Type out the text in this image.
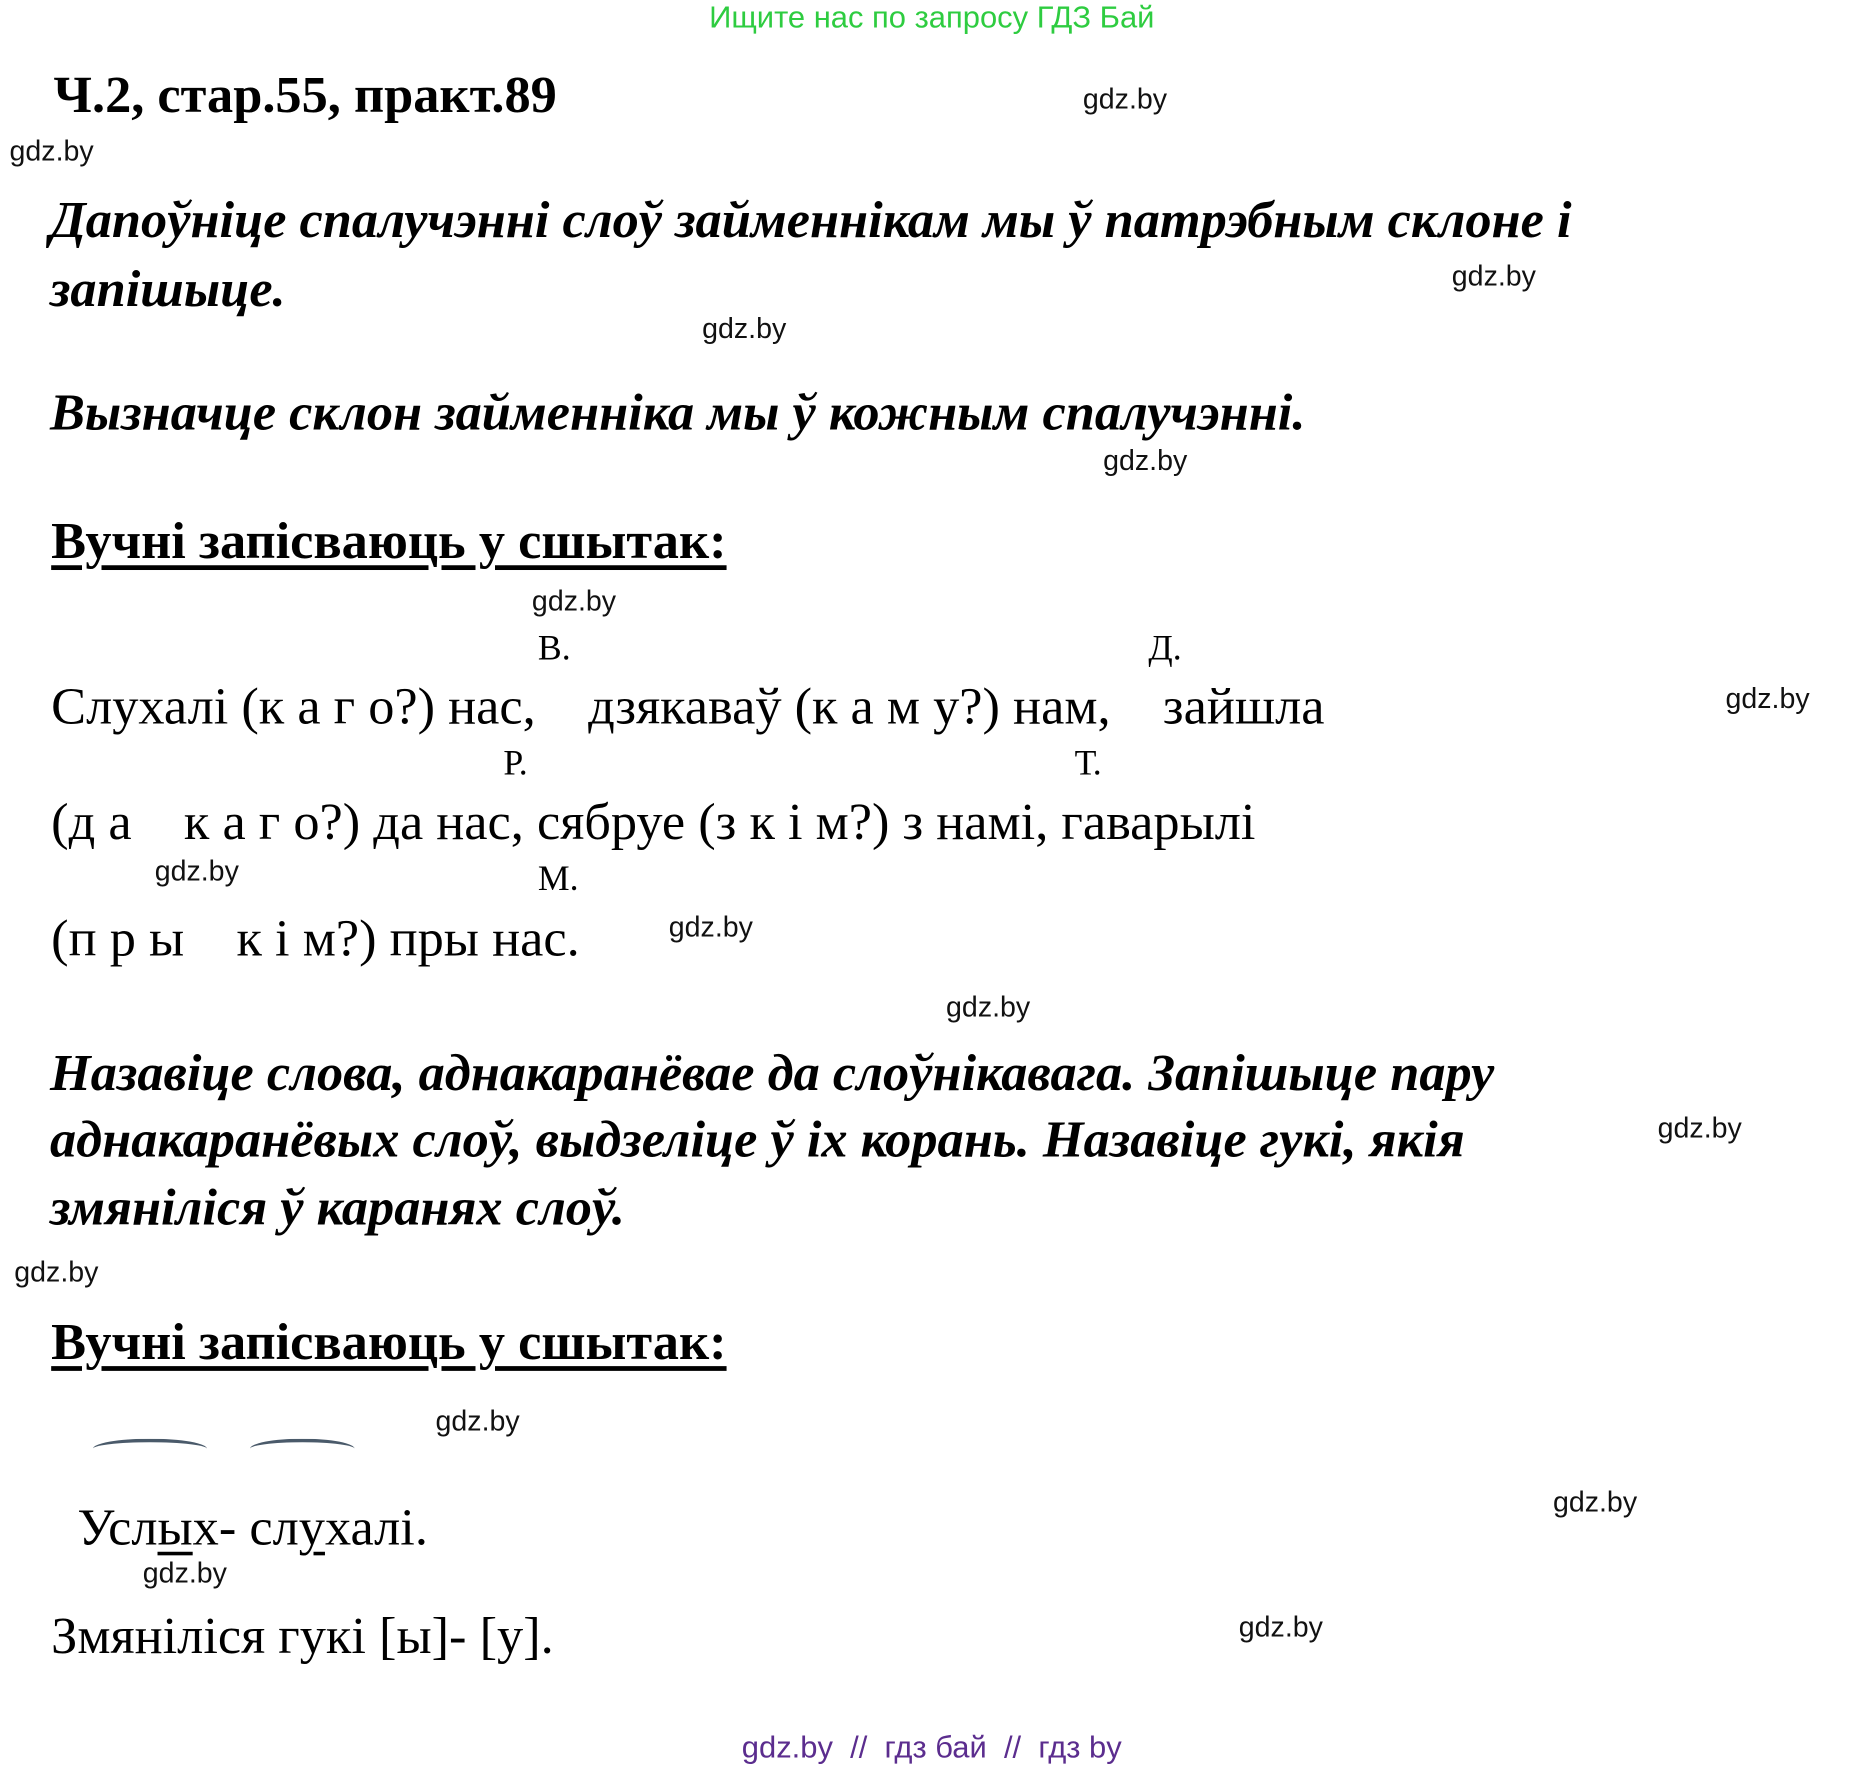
Ищите нас по запросу ГДЗ Бай
Ч.2, стар.55, практ.89
Дапоўніце спалучэнні слоў займеннікам мы ў патрэбным склоне і
запішыце.
Вызначце склон займенніка мы ў кожным спалучэнні.
Вучні запісваюць у сшытак:
В.	Д.
Слухалі (к а г о?) нас,    дзякаваў (к а м у?) нам,    зайшла
Р.	Т.
(д а    к а г о?) да нас, сябруе (з к і м?) з намі, гаварылі
М.
(п р ы    к і м?) пры нас.
Назавіце слова, аднакаранёвае да слоўнікавага. Запішыце пару
аднакаранёвых слоў, выдзеліце ў іх корань. Назавіце гукі, якія
змяніліся ў каранях слоў.
Вучні запісваюць у сшытак:

Услых- слухалі.

Змяніліся гукі [ы]- [у].
gdz.by
gdz.by
gdz.by
gdz.by
gdz.by
gdz.by
gdz.by
gdz.by
gdz.by
gdz.by
gdz.by
gdz.by
gdz.by
gdz.by
gdz.by
gdz.by
gdz.by  //  гдз бай  //  гдз by
